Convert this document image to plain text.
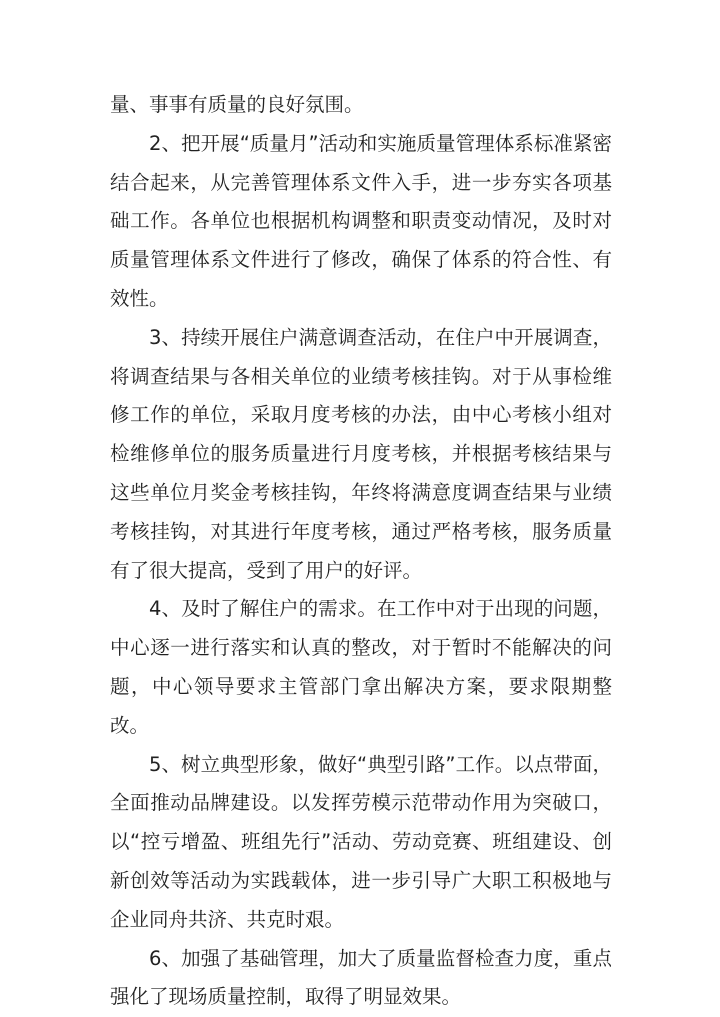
量、事事有质量的良好氛围。

2、把开展“质量月”活动和实施质量管理体系标准紧密结合起来，从完善管理体系文件入手，进一步夯实各项基础工作。各单位也根据机构调整和职责变动情况，及时对质量管理体系文件进行了修改，确保了体系的符合性、有效性。

3、持续开展住户满意调查活动，在住户中开展调查，将调查结果与各相关单位的业绩考核挂钩。对于从事检维修工作的单位，采取月度考核的办法，由中心考核小组对检维修单位的服务质量进行月度考核，并根据考核结果与这些单位月奖金考核挂钩，年终将满意度调查结果与业绩考核挂钩，对其进行年度考核，通过严格考核，服务质量有了很大提高，受到了用户的好评。

4、及时了解住户的需求。在工作中对于出现的问题，中心逐一进行落实和认真的整改，对于暂时不能解决的问题，中心领导要求主管部门拿出解决方案，要求限期整改。

5、树立典型形象，做好“典型引路”工作。以点带面，全面推动品牌建设。以发挥劳模示范带动作用为突破口，以“控亏增盈、班组先行”活动、劳动竞赛、班组建设、创新创效等活动为实践载体，进一步引导广大职工积极地与企业同舟共济、共克时艰。

6、加强了基础管理，加大了质量监督检查力度，重点强化了现场质量控制，取得了明显效果。
